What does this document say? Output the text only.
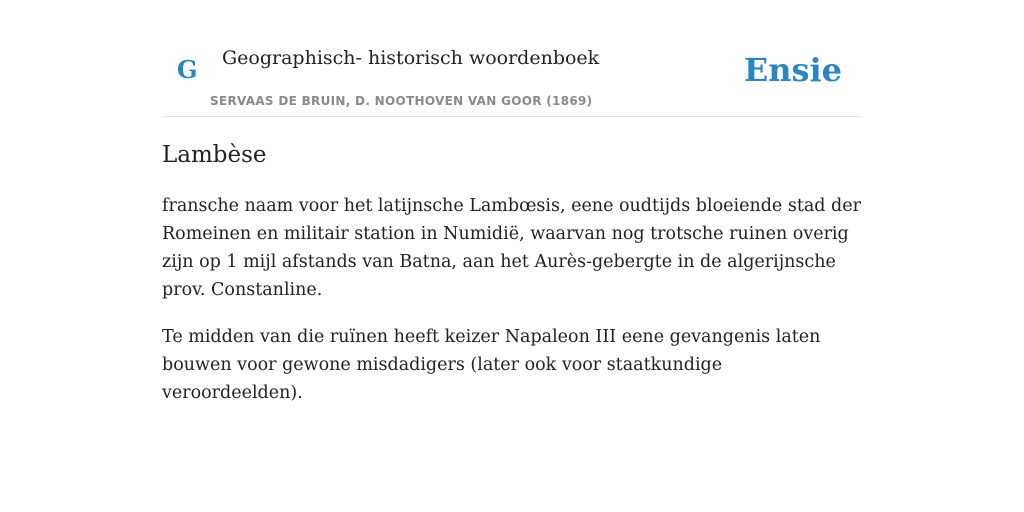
G Geographisch- historisch woordenboek
SERVAAS DE BRUIN, D. NOOTHOVEN VAN GOOR (1869)
Ensie
Lambèse

fransche naam voor het latijnsche Lambœsis, eene oudtijds bloeiende stad der Romeinen en militair station in Numidië, waarvan nog trotsche ruinen overig zijn op 1 mijl afstands van Batna, aan het Aurès-gebergte in de algerijnsche prov. Constanline.

Te midden van die ruïnen heeft keizer Napaleon III eene gevangenis laten bouwen voor gewone misdadigers (later ook voor staatkundige veroordeelden).
